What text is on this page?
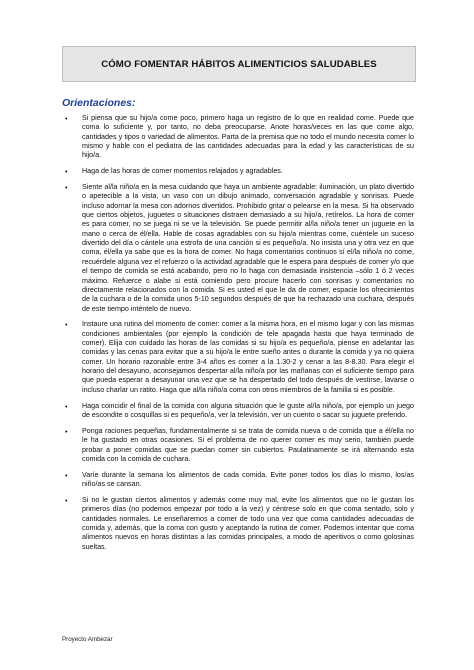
CÓMO FOMENTAR HÁBITOS ALIMENTICIOS SALUDABLES
Orientaciones:
• Si piensa que su hijo/a come poco, primero haga un registro de lo que en realidad come. Puede que coma lo suficiente y, por tanto, no deba preocuparse. Anote horas/veces en las que come algo, cantidades y tipos o variedad de alimentos. Parta de la premisa que no todo el mundo necesita comer lo mismo y hable con el pediatra de las cantidades adecuadas para la edad y las características de su hijo/a.
• Haga de las horas de comer momentos relajados y agradables.
• Siente al/la niño/a en la mesa cuidando que haya un ambiente agradable: iluminación, un plato divertido o apetecible a la vista, un vaso con un dibujo animado, conversación agradable y sonrisas. Puede incluso adornar la mesa con adornos divertidos. Prohibido gritar o pelearse en la mesa. Si ha observado que ciertos objetos, juguetes o situaciones distraen demasiado a su hijo/a, retírelos. La hora de comer es para comer, no se juega ni se ve la televisión. Se puede permitir al/la niño/a tener un juguete en la mano o cerca de él/ella. Hable de cosas agradables con su hijo/a mientras come, cuéntele un suceso divertido del día o cántele una estrofa de una canción si es pequeño/a. No insista una y otra vez en que coma, él/ella ya sabe que es la hora de comer. No haga comentarios continuos sí el/la niño/a no come, recuérdele alguna vez el refuerzo o la actividad agradable que le espera para después de comer y/o que el tiempo de comida se está acabando, pero no lo haga con demasiada insistencia –sólo 1 ó 2 veces máximo. Refuerce o alabe si está comiendo pero procure hacerlo con sonrisas y comentarios no directamente relacionados con la comida. Si es usted el que le da de comer, espacie los ofrecimientos de la cuchara o de la comida unos 5-10 segundos después de que ha rechazado una cuchara, después de este tiempo inténtelo de nuevo.
• Instaure una rutina del momento de comer: comer a la misma hora, en el mismo lugar y con las mismas condiciones ambientales (por ejemplo la condición de tele apagada hasta que haya terminado de comer). Elija con cuidado las horas de las comidas si su hijo/a es pequeño/a, piense en adelantar las comidas y las cenas para evitar que a su hijo/a le entre sueño antes o durante la comida y ya no quiera comer. Un horario razonable entre 3-4 años es comer a la 1.30-2 y cenar a las 8-8.30. Para elegir el horario del desayuno, aconsejamos despertar al/la niño/a por las mañanas con el suficiente tiempo para que pueda esperar a desayunar una vez que se ha despertado del todo después de vestirse, lavarse o incluso charlar un ratito. Haga que al/la niño/a coma con otros miembros de la familia si es posible.
• Haga coincidir el final de la comida con alguna situación que le guste al/la niño/a, por ejemplo un juego de escondite o cosquillas si es pequeño/a, ver la televisión, ver un cuento o sacar su juguete preferido.
• Ponga raciones pequeñas, fundamentalmente si se trata de comida nueva o de comida que a él/ella no le ha gustado en otras ocasiones. Si el problema de no querer comer es muy serio, también puede probar a poner comidas que se puedan comer sin cubiertos. Paulatinamente se irá alternando esta comida con la comida de cuchara.
• Varíe durante la semana los alimentos de cada comida. Evite poner todos los días lo mismo, los/as niño/as se cansan.
• Si no le gustan ciertos alimentos y además come muy mal, evite los alimentos que no le gustan los primeros días (no podemos empezar por todo a la vez) y céntrese solo en que coma sentado, solo y cantidades normales. Le enseñaremos a comer de todo una vez que coma cantidades adecuadas de comida y, además, que la coma con gusto y aceptando la rutina de comer. Podemos intentar que coma alimentos nuevos en horas distintas a las comidas principales, a modo de aperitivos o como golosinas sueltas.
Proyecto Ambezar
